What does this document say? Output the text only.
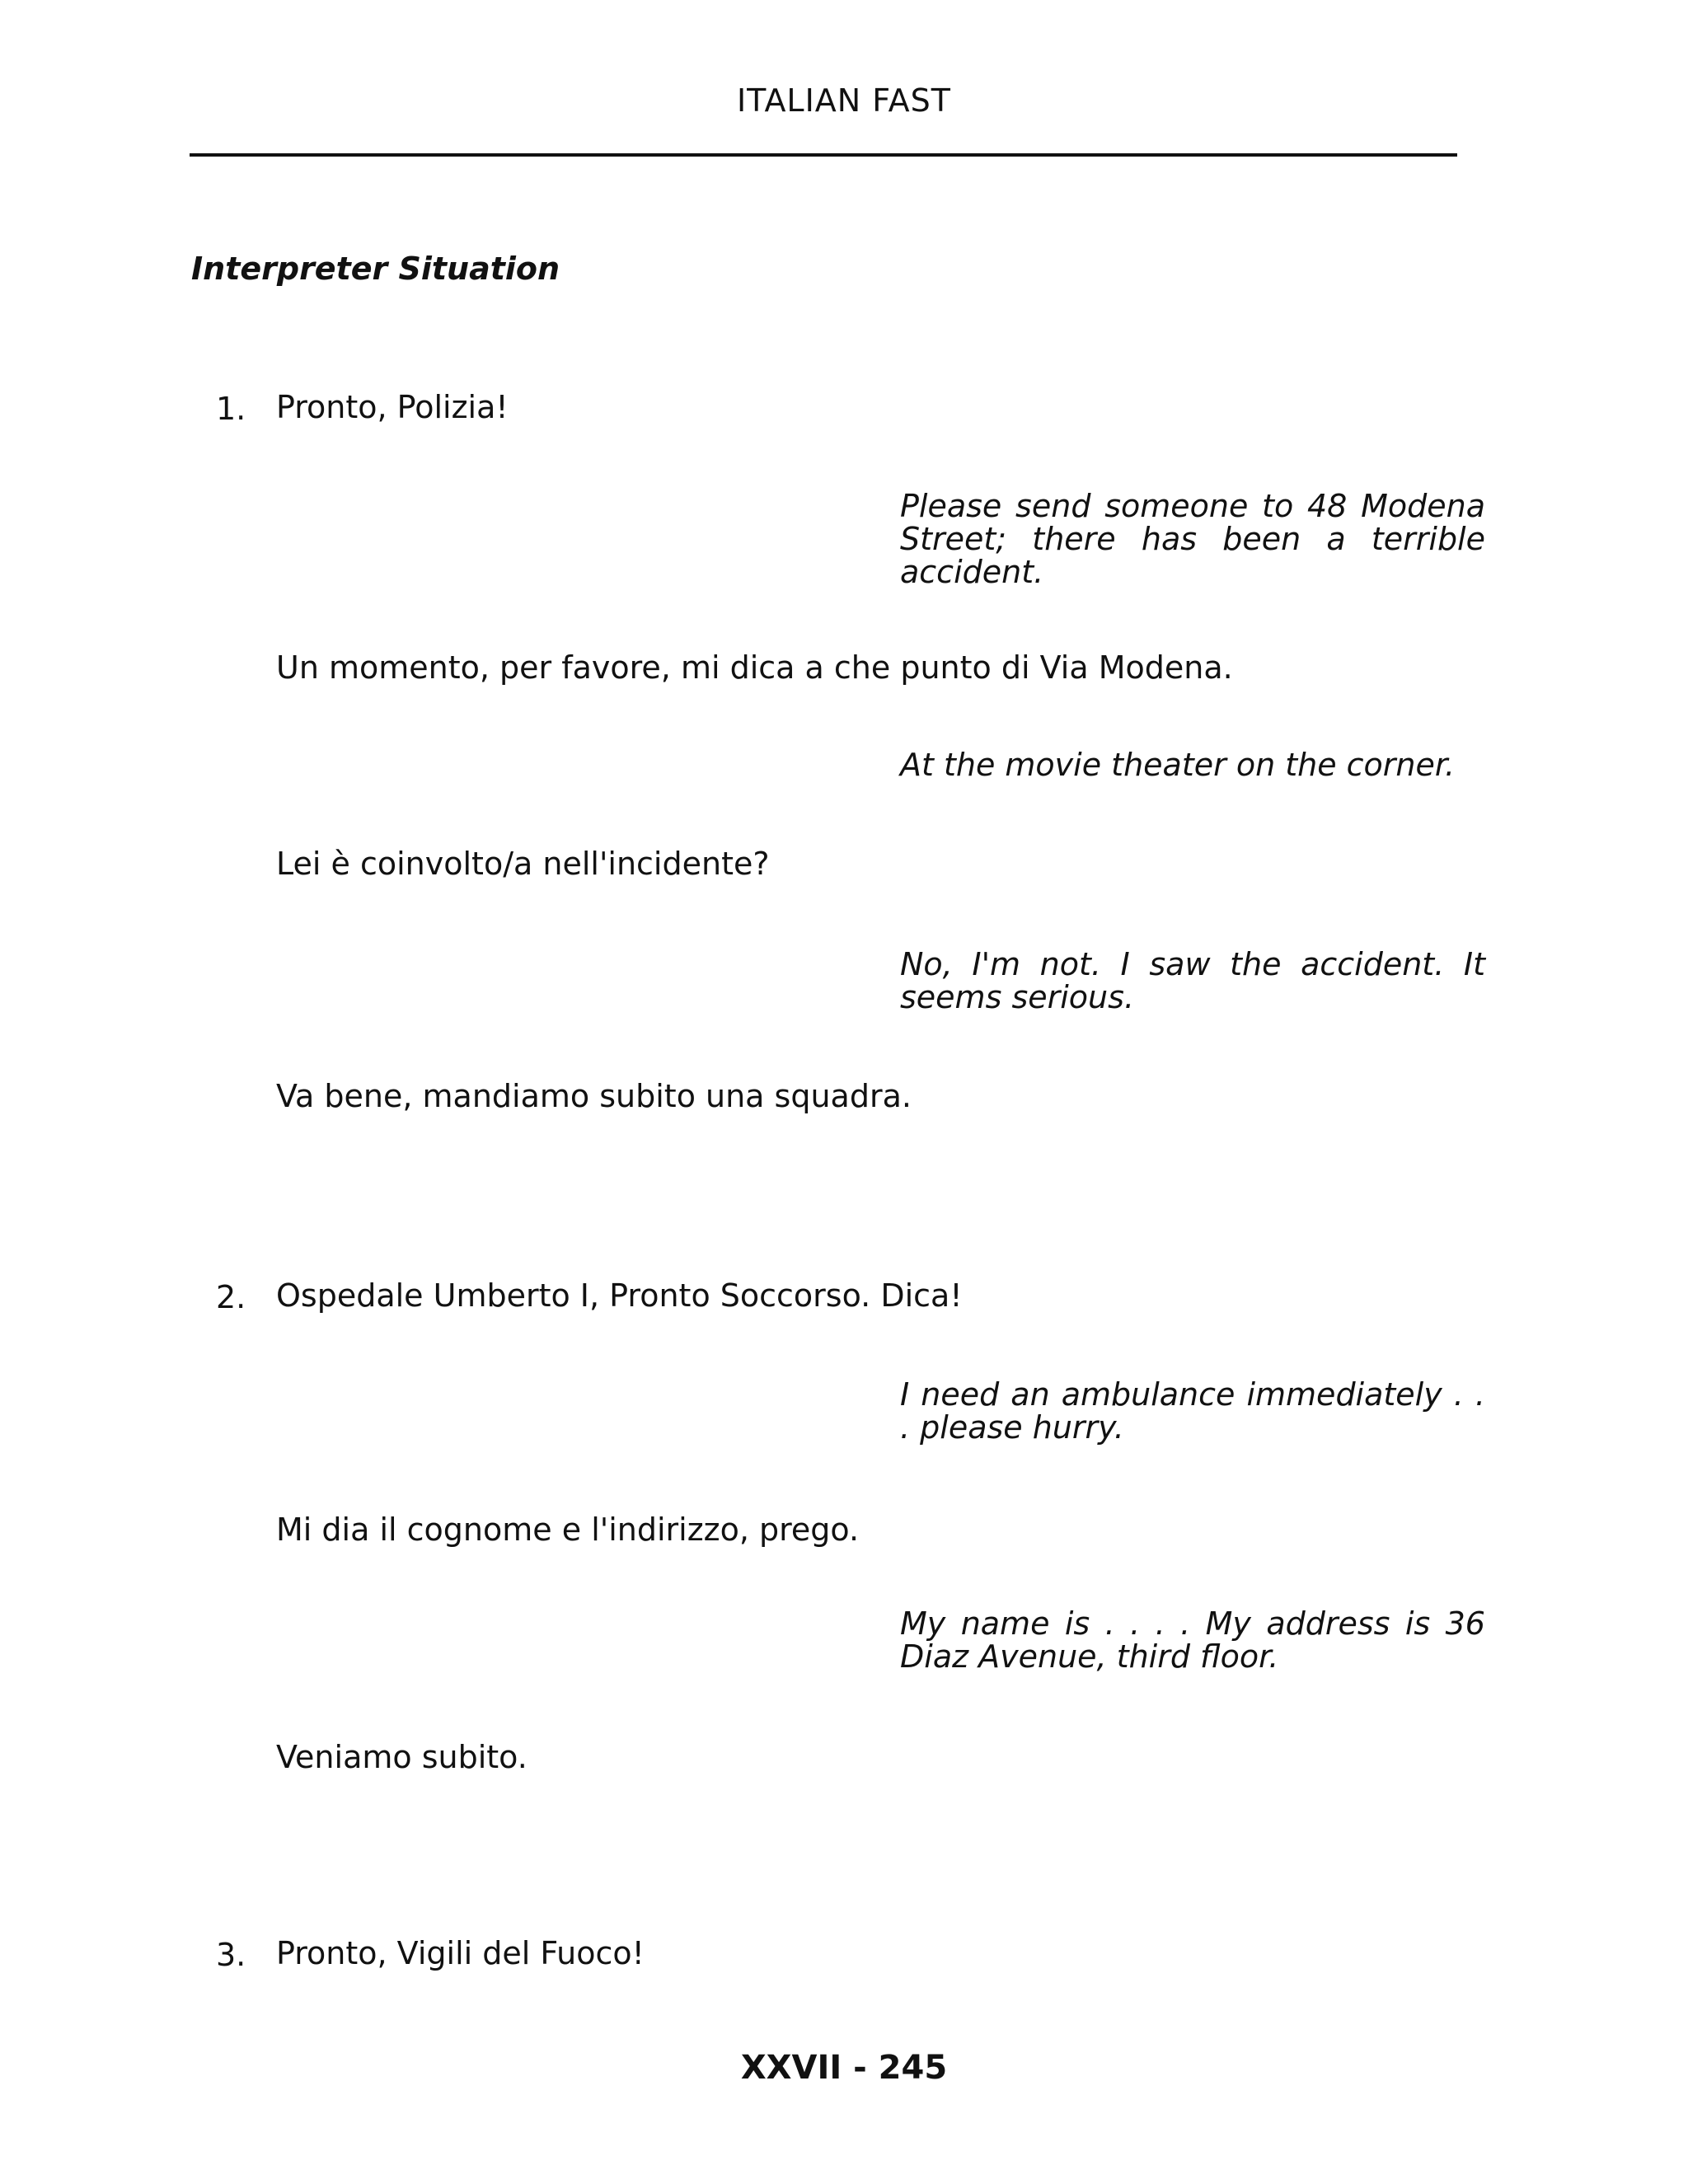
ITALIAN FAST
Interpreter Situation
1. Pronto, Polizia!
Please send someone to 48 Modena Street; there has been a terrible accident.
Un momento, per favore, mi dica a che punto di Via Modena.
At the movie theater on the corner.
Lei è coinvolto/a nell'incidente?
No, I'm not. I saw the accident. It seems serious.
Va bene, mandiamo subito una squadra.
2. Ospedale Umberto I, Pronto Soccorso. Dica!
I need an ambulance immediately . . . please hurry.
Mi dia il cognome e l'indirizzo, prego.
My name is . . . . My address is 36 Diaz Avenue, third floor.
Veniamo subito.
3. Pronto, Vigili del Fuoco!
XXVII - 245
